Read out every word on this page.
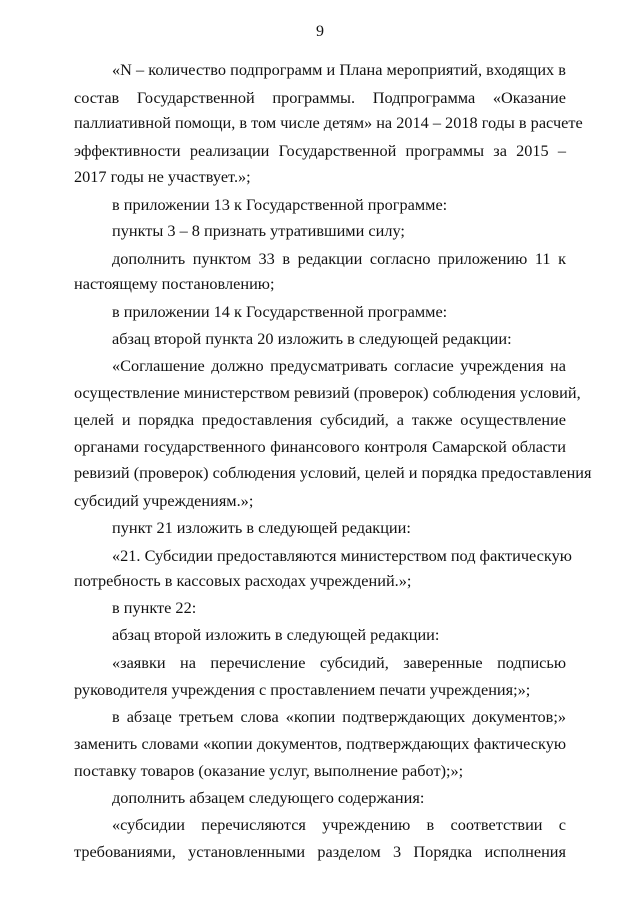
9
«N – количество подпрограмм и Плана мероприятий, входящих в
состав Государственной программы. Подпрограмма «Оказание
паллиативной помощи, в том числе детям» на 2014 – 2018 годы в расчете
эффективности реализации Государственной программы за 2015 –
2017 годы не участвует.»;
в приложении 13 к Государственной программе:
пункты 3 – 8 признать утратившими силу;
дополнить пунктом 33 в редакции согласно приложению 11 к
настоящему постановлению;
в приложении 14 к Государственной программе:
абзац второй пункта 20 изложить в следующей редакции:
«Соглашение должно предусматривать согласие учреждения на
осуществление министерством ревизий (проверок) соблюдения условий,
целей и порядка предоставления субсидий, а также осуществление
органами государственного финансового контроля Самарской области
ревизий (проверок) соблюдения условий, целей и порядка предоставления
субсидий учреждениям.»;
пункт 21 изложить в следующей редакции:
«21. Субсидии предоставляются министерством под фактическую
потребность в кассовых расходах учреждений.»;
в пункте 22:
абзац второй изложить в следующей редакции:
«заявки на перечисление субсидий, заверенные подписью
руководителя учреждения с проставлением печати учреждения;»;
в абзаце третьем слова «копии подтверждающих документов;»
заменить словами «копии документов, подтверждающих фактическую
поставку товаров (оказание услуг, выполнение работ);»;
дополнить абзацем следующего содержания:
«субсидии перечисляются учреждению в соответствии с
требованиями, установленными разделом 3 Порядка исполнения
